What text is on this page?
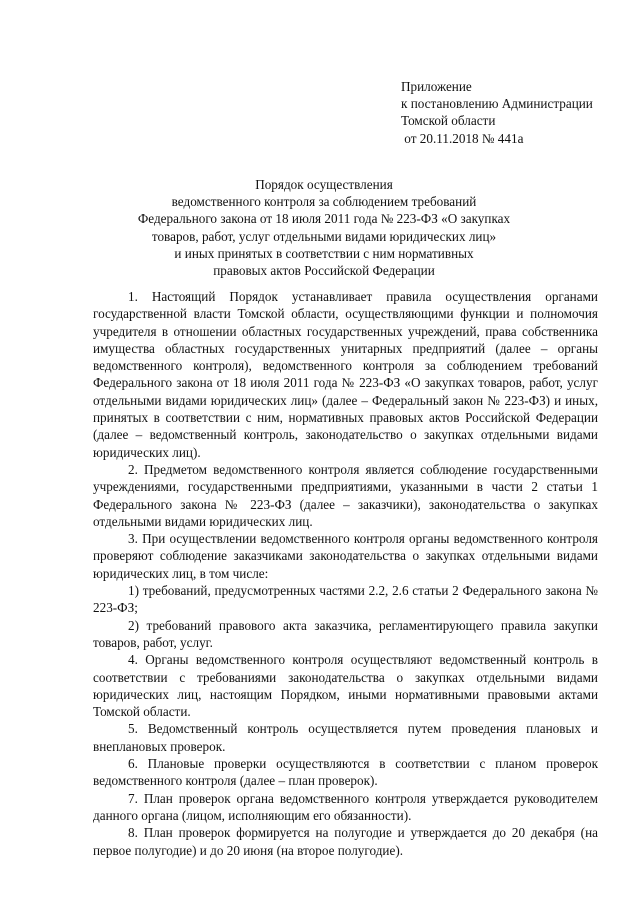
Приложение
к постановлению Администрации
Томской области
от 20.11.2018 № 441а
Порядок осуществления
ведомственного контроля за соблюдением требований
Федерального закона от 18 июля 2011 года № 223-ФЗ «О закупках
товаров, работ, услуг отдельными видами юридических лиц»
и иных принятых в соответствии с ним нормативных
правовых актов Российской Федерации

1. Настоящий Порядок устанавливает правила осуществления органами государственной власти Томской области, осуществляющими функции и полномочия учредителя в отношении областных государственных учреждений, права собственника имущества областных государственных унитарных предприятий (далее – органы ведомственного контроля), ведомственного контроля за соблюдением требований Федерального закона от 18 июля 2011 года № 223-ФЗ «О закупках товаров, работ, услуг отдельными видами юридических лиц» (далее – Федеральный закон № 223-ФЗ) и иных, принятых в соответствии с ним, нормативных правовых актов Российской Федерации (далее – ведомственный контроль, законодательство о закупках отдельными видами юридических лиц).

2. Предметом ведомственного контроля является соблюдение государственными учреждениями, государственными предприятиями, указанными в части 2 статьи 1 Федерального закона № 223-ФЗ (далее – заказчики), законодательства о закупках отдельными видами юридических лиц.

3. При осуществлении ведомственного контроля органы ведомственного контроля проверяют соблюдение заказчиками законодательства о закупках отдельными видами юридических лиц, в том числе:

1) требований, предусмотренных частями 2.2, 2.6 статьи 2 Федерального закона № 223-ФЗ;

2) требований правового акта заказчика, регламентирующего правила закупки товаров, работ, услуг.

4. Органы ведомственного контроля осуществляют ведомственный контроль в соответствии с требованиями законодательства о закупках отдельными видами юридических лиц, настоящим Порядком, иными нормативными правовыми актами Томской области.

5. Ведомственный контроль осуществляется путем проведения плановых и внеплановых проверок.

6. Плановые проверки осуществляются в соответствии с планом проверок ведомственного контроля (далее – план проверок).

7. План проверок органа ведомственного контроля утверждается руководителем данного органа (лицом, исполняющим его обязанности).

8. План проверок формируется на полугодие и утверждается до 20 декабря (на первое полугодие) и до 20 июня (на второе полугодие).
